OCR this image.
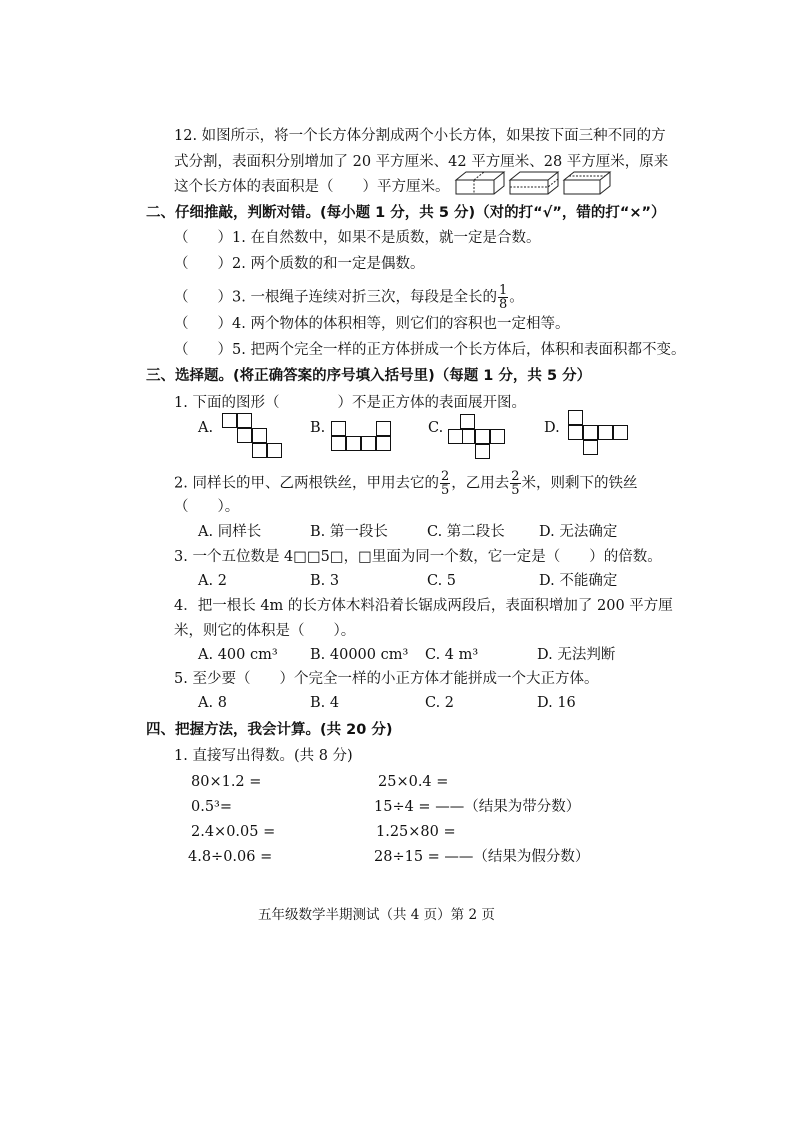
12. 如图所示，将一个长方体分割成两个小长方体，如果按下面三种不同的方
式分割，表面积分别增加了 20 平方厘米、42 平方厘米、28 平方厘米，原来
这个长方体的表面积是（　　）平方厘米。
二、仔细推敲，判断对错。(每小题 1 分，共 5 分)（对的打“√”，错的打“×”）
（　　）1. 在自然数中，如果不是质数，就一定是合数。
（　　）2. 两个质数的和一定是偶数。
（　　）3. 一根绳子连续对折三次，每段是全长的 $\frac{1}{8}$ 。
（　　）4. 两个物体的体积相等，则它们的容积也一定相等。
（　　）5. 把两个完全一样的正方体拼成一个长方体后，体积和表面积都不变。
三、选择题。(将正确答案的序号填入括号里)（每题 1 分，共 5 分）
1. 下面的图形（　　　　）不是正方体的表面展开图。
A.	B.	C.	D.
2. 同样长的甲、乙两根铁丝，甲用去它的 $\frac{2}{5}$ ，乙用去 $\frac{2}{5}$ 米，则剩下的铁丝
（　　）。
A. 同样长	B. 第一段长	C. 第二段长 D. 无法确定
3. 一个五位数是 4□□5□，□里面为同一个数，它一定是（　　）的倍数。
A. 2	B. 3	C. 5	D. 不能确定
4．把一根长 4m 的长方体木料沿着长锯成两段后，表面积增加了 200 平方厘
米，则它的体积是（　　）。
A. 400 cm³ B. 40000 cm³ C. 4 m³	D. 无法判断
5. 至少要（　　）个完全一样的小正方体才能拼成一个大正方体。
A. 8	B. 4	C. 2	D. 16
四、把握方法，我会计算。(共 20 分)
1. 直接写出得数。(共 8 分)
80×1.2 =	25×0.4 =
0.5³=	15÷4 = ——（结果为带分数）
2.4×0.05 =	1.25×80 =
4.8÷0.06 =	28÷15 = ——（结果为假分数）
五年级数学半期测试（共 4 页）第 2 页
